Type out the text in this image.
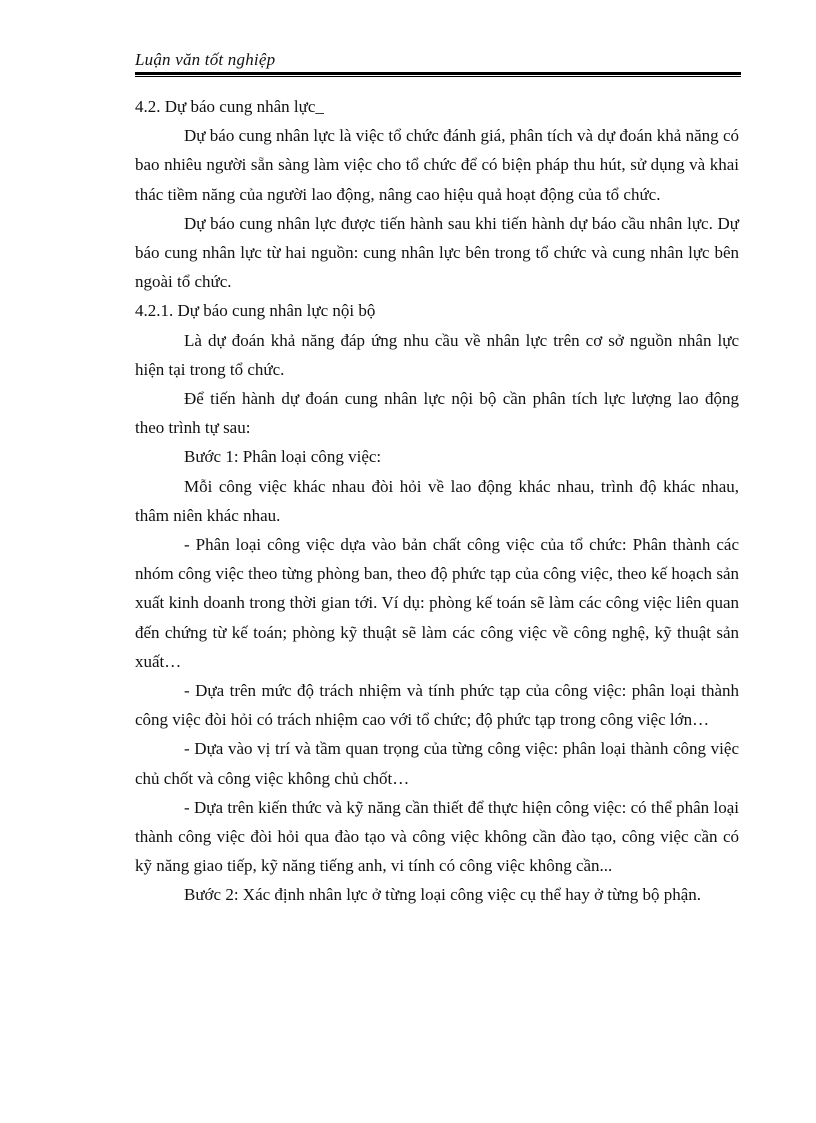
Luận văn tốt nghiệp

4.2. Dự báo cung nhân lực_

Dự báo cung nhân lực là việc tổ chức đánh giá, phân tích và dự đoán khả năng có bao nhiêu người sẵn sàng làm việc cho tổ chức để có biện pháp thu hút, sử dụng và khai thác tiềm năng của người lao động, nâng cao hiệu quả hoạt động của tổ chức.

Dự báo cung nhân lực được tiến hành sau khi tiến hành dự báo cầu nhân lực. Dự báo cung nhân lực từ hai nguồn: cung nhân lực bên trong tổ chức và cung nhân lực bên ngoài tổ chức.

4.2.1. Dự báo cung nhân lực nội bộ

Là dự đoán khả năng đáp ứng nhu cầu về nhân lực trên cơ sở nguồn nhân lực hiện tại trong tổ chức.

Để tiến hành dự đoán cung nhân lực nội bộ cần phân tích lực lượng lao động theo trình tự sau:

Bước 1: Phân loại công việc:

Mỗi công việc khác nhau đòi hỏi về lao động khác nhau, trình độ khác nhau, thâm niên khác nhau.

- Phân loại công việc dựa vào bản chất công việc của tổ chức: Phân thành các nhóm công việc theo từng phòng ban, theo độ phức tạp của công việc, theo kế hoạch sản xuất kinh doanh trong thời gian tới. Ví dụ: phòng kế toán sẽ làm các công việc liên quan đến chứng từ kế toán; phòng kỹ thuật sẽ làm các công việc về công nghệ, kỹ thuật sản xuất…

- Dựa trên mức độ trách nhiệm và tính phức tạp của công việc: phân loại thành công việc đòi hỏi có trách nhiệm cao với tổ chức; độ phức tạp trong công việc lớn…

- Dựa vào vị trí và tầm quan trọng của từng công việc: phân loại thành công việc chủ chốt và công việc không chủ chốt…

- Dựa trên kiến thức và kỹ năng cần thiết để thực hiện công việc: có thể phân loại thành công việc đòi hỏi qua đào tạo và công việc không cần đào tạo, công việc cần có kỹ năng giao tiếp, kỹ năng tiếng anh, vi tính có công việc không cần...

Bước 2: Xác định nhân lực ở từng loại công việc cụ thể hay ở từng bộ phận.
